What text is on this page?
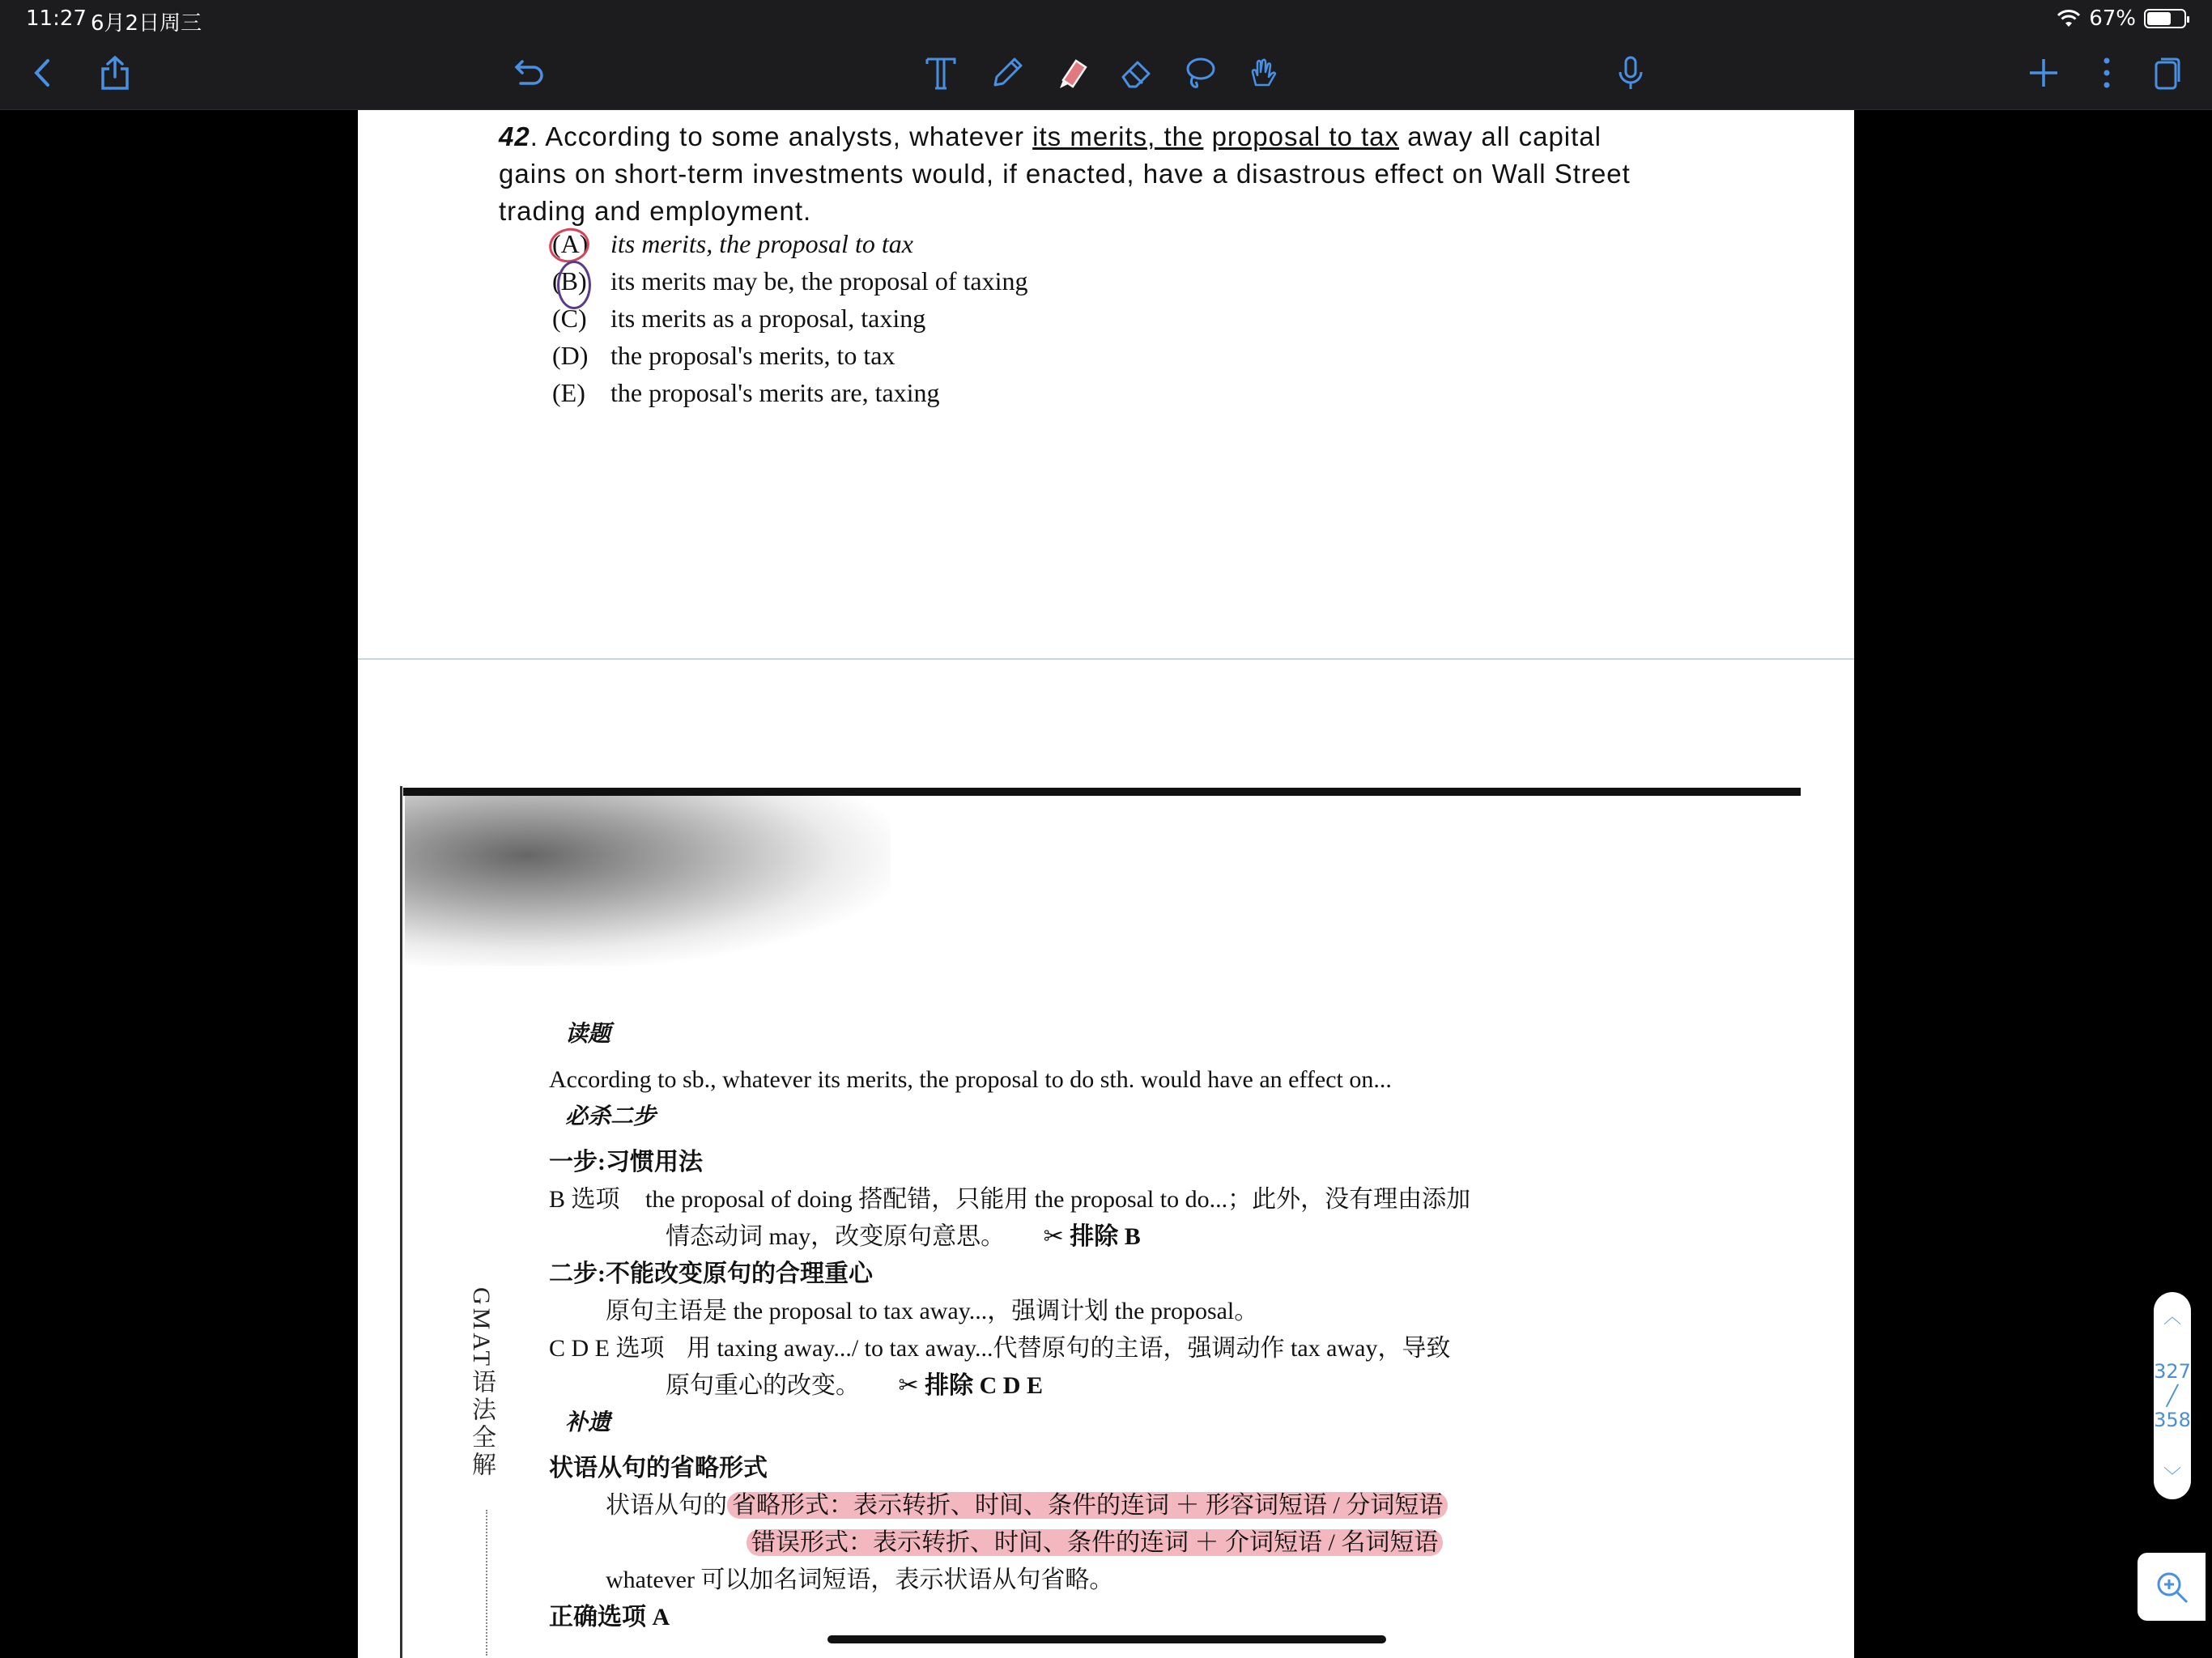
11:27 6月2日周三	67%
42. According to some analysts, whatever its merits, the proposal to tax away all capital gains on short-term investments would, if enacted, have a disastrous effect on Wall Street trading and employment.
(A) its merits, the proposal to tax
(B) its merits may be, the proposal of taxing
(C) its merits as a proposal, taxing
(D) the proposal's merits, to tax
(E) the proposal's merits are, taxing
GMAT语法全解
读题
According to sb., whatever its merits, the proposal to do sth. would have an effect on...
必杀二步
一步:习惯用法
B 选项 the proposal of doing 搭配错，只能用 the proposal to do...；此外，没有理由添加
情态动词 may，改变原句意思。 ✂ 排除 B
二步:不能改变原句的合理重心
原句主语是 the proposal to tax away...，强调计划 the proposal。
C D E 选项 用 taxing away.../ to tax away...代替原句的主语，强调动作 tax away，导致
原句重心的改变。 ✂ 排除 C D E
补遗
状语从句的省略形式
状语从句的 省略形式：表示转折、时间、条件的连词 ＋ 形容词短语 / 分词短语
错误形式：表示转折、时间、条件的连词 ＋ 介词短语 / 名词短语
whatever 可以加名词短语，表示状语从句省略。
正确选项 A
︿
327
╱
358
﹀
